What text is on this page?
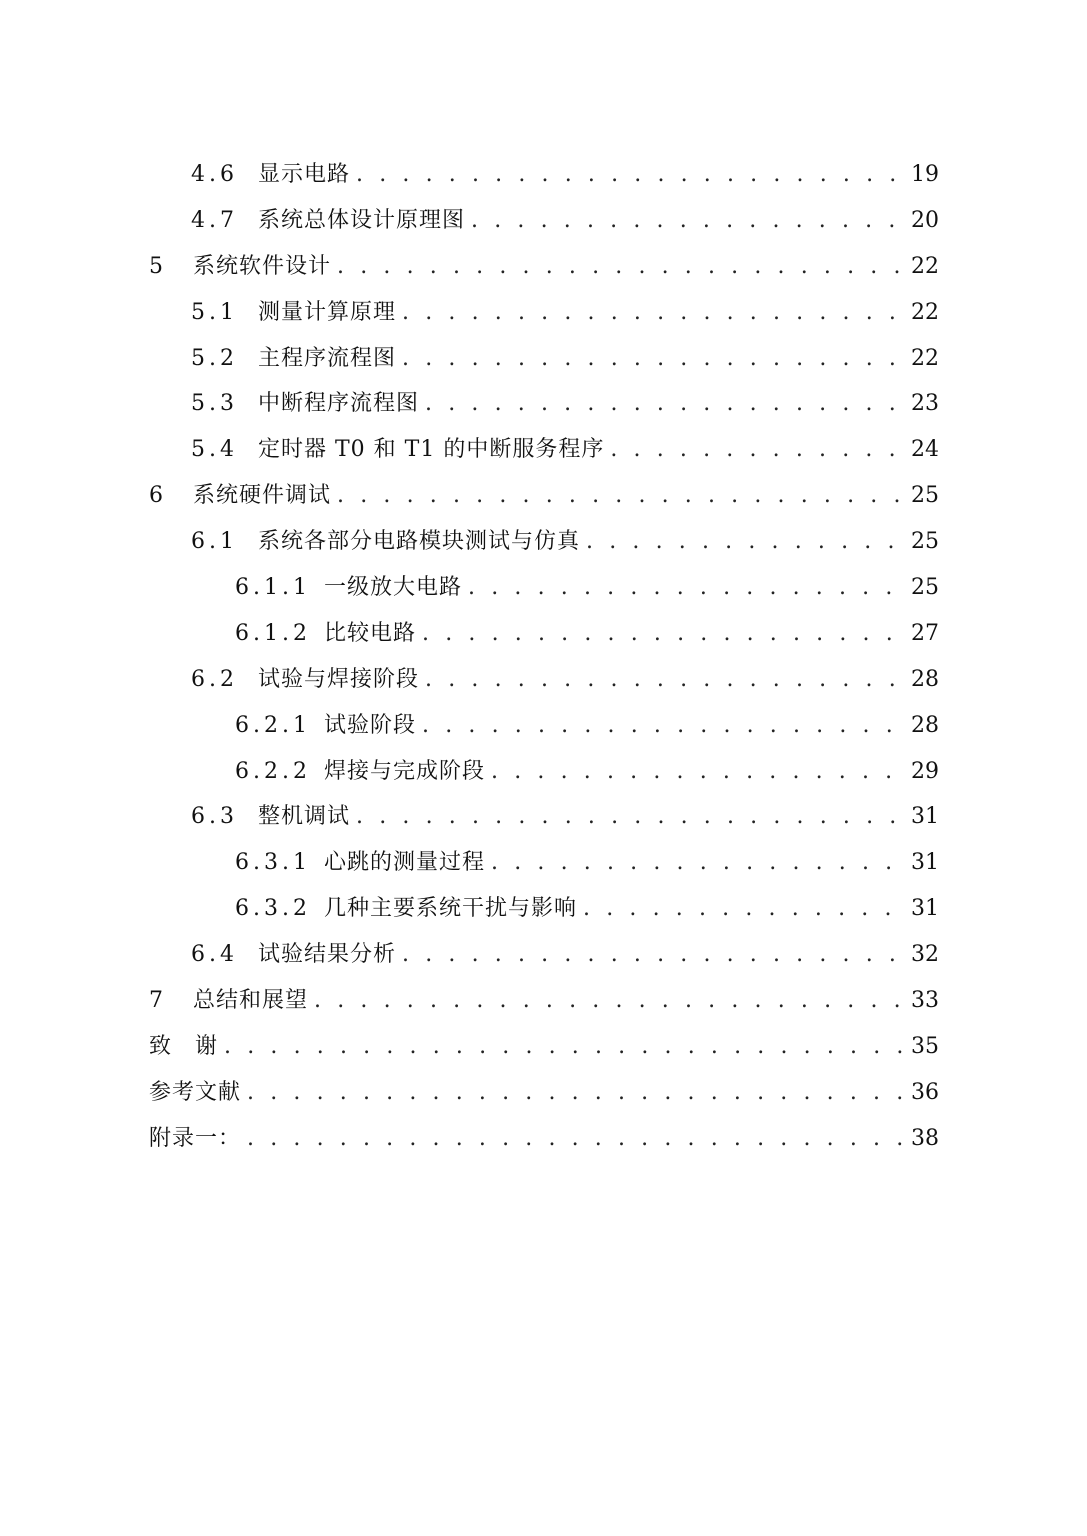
4.6 显示电路 . . .	19
4.7 系统总体设计原理图 . . .	20
5	系统软件设计 . . .	22
5.1 测量计算原理 . . .	22
5.2 主程序流程图 . . .	22
5.3 中断程序流程图 . . .	23
5.4 定时器 T0 和 T1 的中断服务程序 . . .	24
6	系统硬件调试 . . .	25
6.1 系统各部分电路模块测试与仿真 . . .	25
6.1.1 一级放大电路 . . .	25
6.1.2 比较电路 . . .	27
6.2 试验与焊接阶段 . . .	28
6.2.1 试验阶段 . . .	28
6.2.2 焊接与完成阶段 . . .	29
6.3 整机调试 . . .	31
6.3.1 心跳的测量过程 . . .	31
6.3.2 几种主要系统干扰与影响 . . .	31
6.4 试验结果分析 . . .	32
7	总结和展望 . . .	33
致　谢 . . .	35
参考文献 . . .	36
附录一： . . .	38
